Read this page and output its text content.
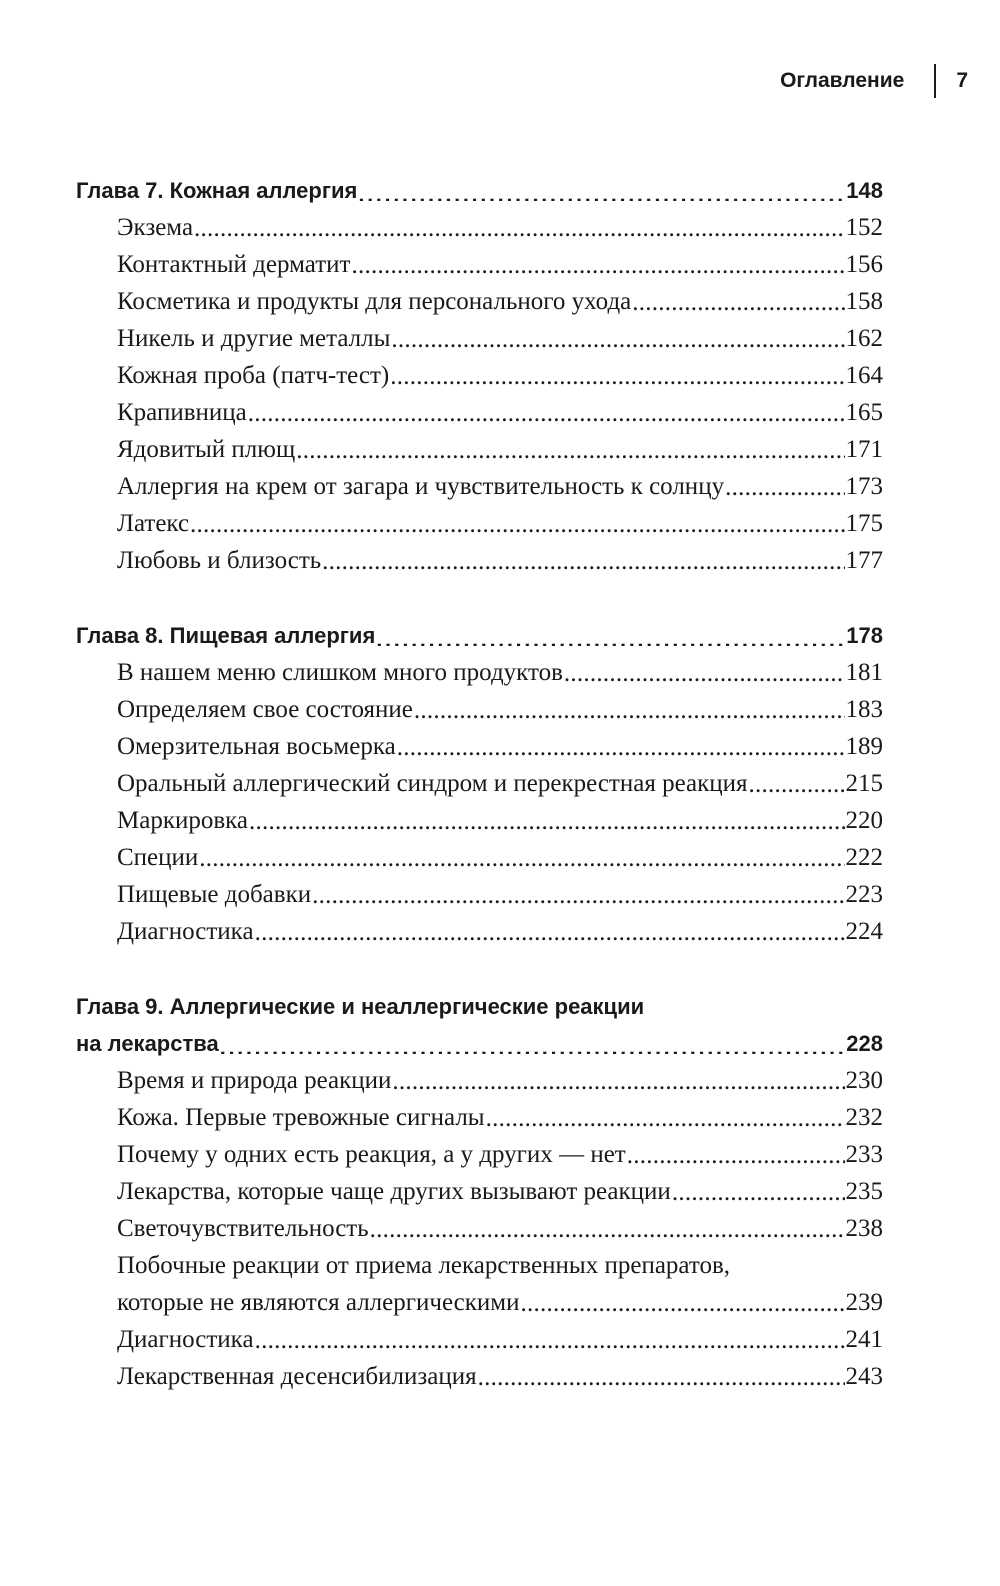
Оглавление 7
Глава 7. Кожная аллергия . . .	148
Экзема . . .	152
Контактный дерматит . . .	156
Косметика и продукты для персонального ухода . . .	158
Никель и другие металлы . . .	162
Кожная проба (патч-тест) . . .	164
Крапивница . . .	165
Ядовитый плющ . . .	171
Аллергия на крем от загара и чувствительность к солнцу . . .	173
Латекс . . .	175
Любовь и близость . . .	177
Глава 8. Пищевая аллергия . . .	178
В нашем меню слишком много продуктов . . .	181
Определяем свое состояние . . .	183
Омерзительная восьмерка . . .	189
Оральный аллергический синдром и перекрестная реакция . . .	215
Маркировка . . .	220
Специи . . .	222
Пищевые добавки . . .	223
Диагностика . . .	224
Глава 9. Аллергические и неаллергические реакции
на лекарства . . .	228
Время и природа реакции . . .	230
Кожа. Первые тревожные сигналы . . .	232
Почему у одних есть реакция, а у других — нет . . .	233
Лекарства, которые чаще других вызывают реакции . . .	235
Светочувствительность . . .	238
Побочные реакции от приема лекарственных препаратов,
которые не являются аллергическими . . .	239
Диагностика . . .	241
Лекарственная десенсибилизация . . .	243
